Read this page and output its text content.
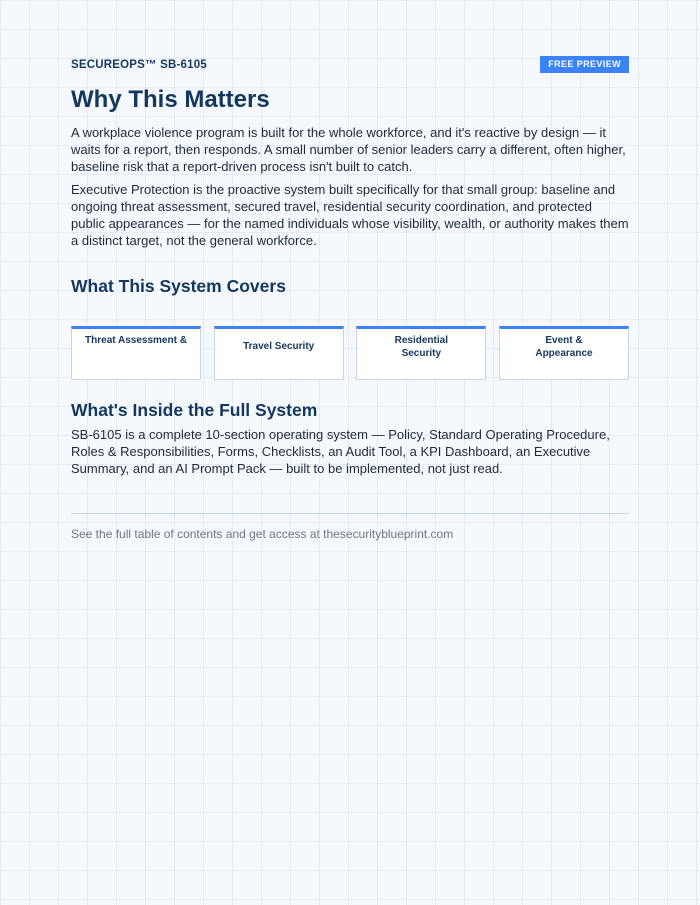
SECUREOPS™ SB-6105	FREE PREVIEW
Why This Matters

A workplace violence program is built for the whole workforce, and it's reactive by design — it waits for a report, then responds. A small number of senior leaders carry a different, often higher, baseline risk that a report-driven process isn't built to catch.

Executive Protection is the proactive system built specifically for that small group: baseline and ongoing threat assessment, secured travel, residential security coordination, and protected public appearances — for the named individuals whose visibility, wealth, or authority makes them a distinct target, not the general workforce.

What This System Covers
Threat Assessment &
Travel Security
Residential Security
Event & Appearance
What's Inside the Full System

SB-6105 is a complete 10-section operating system — Policy, Standard Operating Procedure, Roles & Responsibilities, Forms, Checklists, an Audit Tool, a KPI Dashboard, an Executive Summary, and an AI Prompt Pack — built to be implemented, not just read.

See the full table of contents and get access at thesecurityblueprint.com
